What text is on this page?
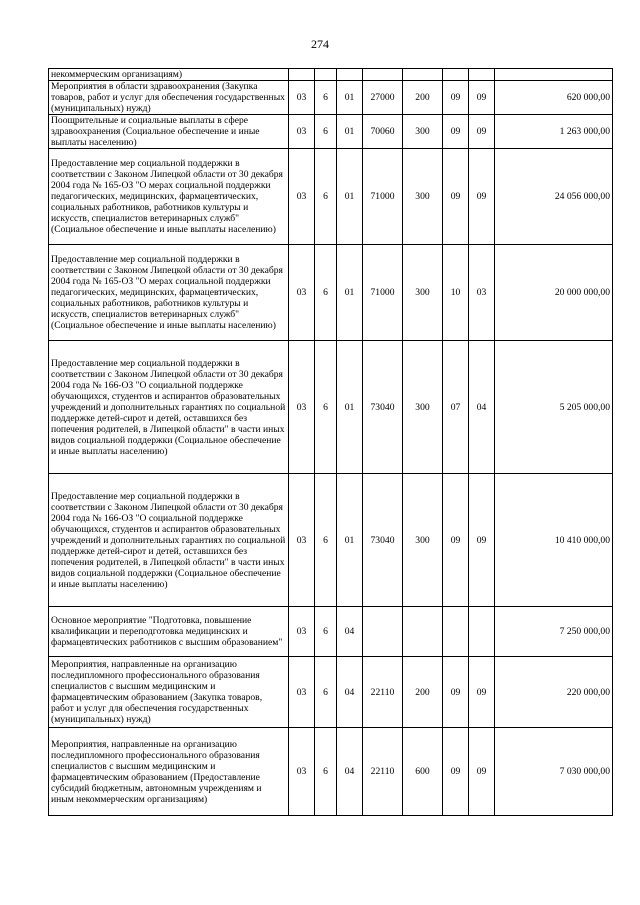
274
некоммерческим организациям)								
Мероприятия в области здравоохранения (Закупка товаров, работ и услуг для обеспечения государственных (муниципальных) нужд)	03	6	01	27000	200	09	09	620 000,00
Поощрительные и социальные выплаты в сфере здравоохранения (Социальное обеспечение и иные выплаты населению)	03	6	01	70060	300	09	09	1 263 000,00
Предоставление мер социальной поддержки в соответствии с Законом Липецкой области от 30 декабря 2004 года № 165-ОЗ "О мерах социальной поддержки педагогических, медицинских, фармацевтических, социальных работников, работников культуры и искусств, специалистов ветеринарных служб" (Социальное обеспечение и иные выплаты населению)	03	6	01	71000	300	09	09	24 056 000,00
Предоставление мер социальной поддержки в соответствии с Законом Липецкой области от 30 декабря 2004 года № 165-ОЗ "О мерах социальной поддержки педагогических, медицинских, фармацевтических, социальных работников, работников культуры и искусств, специалистов ветеринарных служб" (Социальное обеспечение и иные выплаты населению)	03	6	01	71000	300	10	03	20 000 000,00
Предоставление мер социальной поддержки в соответствии с Законом Липецкой области от 30 декабря 2004 года № 166-ОЗ "О социальной поддержке обучающихся, студентов и аспирантов образовательных учреждений и дополнительных гарантиях по социальной поддержке детей-сирот и детей, оставшихся без попечения родителей, в Липецкой области" в части иных видов социальной поддержки (Социальное обеспечение и иные выплаты населению)	03	6	01	73040	300	07	04	5 205 000,00
Предоставление мер социальной поддержки в соответствии с Законом Липецкой области от 30 декабря 2004 года № 166-ОЗ "О социальной поддержке обучающихся, студентов и аспирантов образовательных учреждений и дополнительных гарантиях по социальной поддержке детей-сирот и детей, оставшихся без попечения родителей, в Липецкой области" в части иных видов социальной поддержки (Социальное обеспечение и иные выплаты населению)	03	6	01	73040	300	09	09	10 410 000,00
Основное мероприятие "Подготовка, повышение квалификации и переподготовка медицинских и фармацевтических работников с высшим образованием"	03	6	04					7 250 000,00
Мероприятия, направленные на организацию последипломного профессионального образования специалистов с высшим медицинским и фармацевтическим образованием (Закупка товаров, работ и услуг для обеспечения государственных (муниципальных) нужд)	03	6	04	22110	200	09	09	220 000,00
Мероприятия, направленные на организацию последипломного профессионального образования специалистов с высшим медицинским и фармацевтическим образованием (Предоставление субсидий бюджетным, автономным учреждениям и иным некоммерческим организациям)	03	6	04	22110	600	09	09	7 030 000,00
